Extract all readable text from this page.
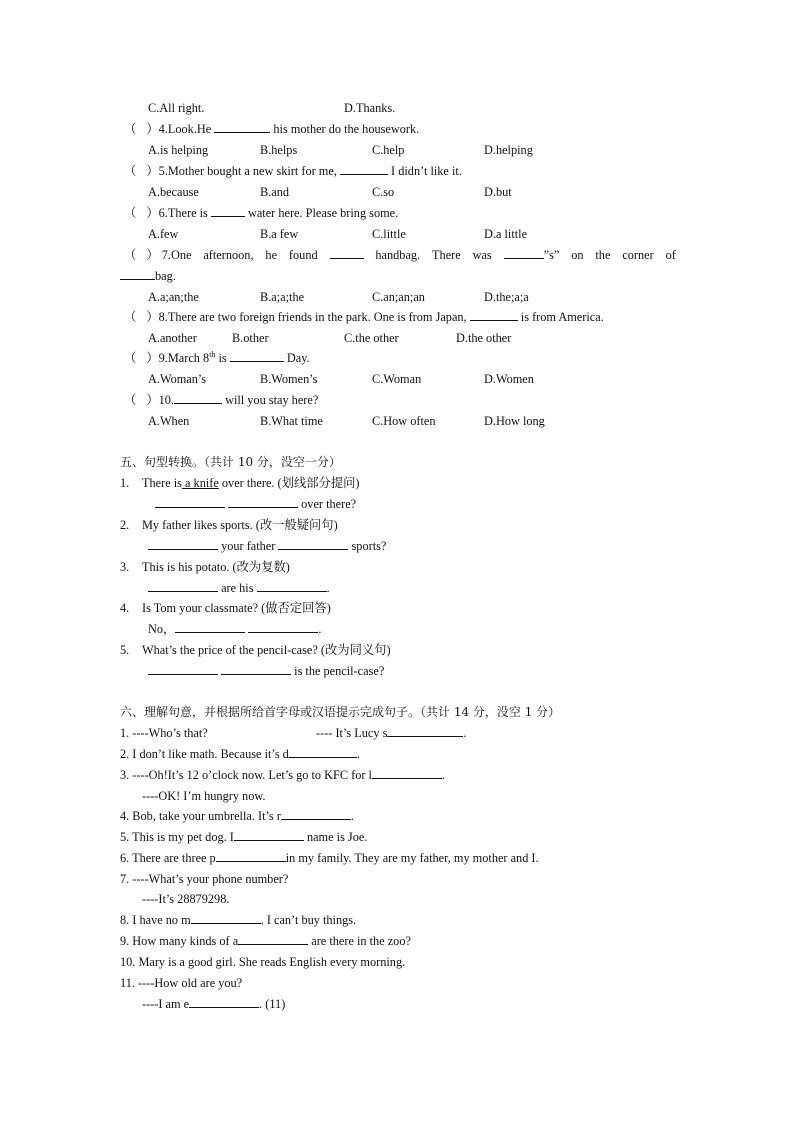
C.All right.	D.Thanks.
（ ）4.Look.He	his mother do the housework.
A.is helping	B.helps	C.help	D.helping
（ ）5.Mother bought a new skirt for me,	I didn’t like it.
A.because	B.and	C.so	D.but
（ ）6.There is	water here. Please bring some.
A.few	B.a few	C.little	D.a little
（ ） 7.One afternoon, he found	handbag. There was	”s” on the corner of
bag.
A.a;an;the	B.a;a;the	C.an;an;an	D.the;a;a
（ ）8.There are two foreign friends in the park. One is from Japan,	is from America.
A.another	B.other	C.the other	D.the other
（ ）9.March 8th is	Day.
A.Woman’s	B.Women’s	C.Woman	D.Women
（ ）10.	will you stay here?
A.When	B.What time	C.How often	D.How long
五、句型转换。（共计 10 分，没空一分）
1. There is a knife over there. (划线部分提问)
over there?
2. My father likes sports. (改一般疑问句)
your father	sports?
3. This is his potato. (改为复数)
are his	.
4. Is Tom your classmate? (做否定回答)
No，	.
5. What’s the price of the pencil-case? (改为同义句)
is the pencil-case?
六、理解句意，并根据所给首字母或汉语提示完成句子。（共计 14 分，没空 1 分）
1. ----Who’s that?	---- It’s Lucy s	.
2. I don’t like math. Because it’s d	.
3. ----Oh!It’s 12 o’clock now. Let’s go to KFC for l	.
----OK! I’m hungry now.
4. Bob, take your umbrella. It’s r	.
5. This is my pet dog. I	name is Joe.
6. There are three p	in my family. They are my father, my mother and I.
7. ----What’s your phone number?
----It’s 28879298.
8. I have no m	. I can’t buy things.
9. How many kinds of a	are there in the zoo?
10. Mary is a good girl. She reads English every morning.
11. ----How old are you?
----I am e	. (11)
